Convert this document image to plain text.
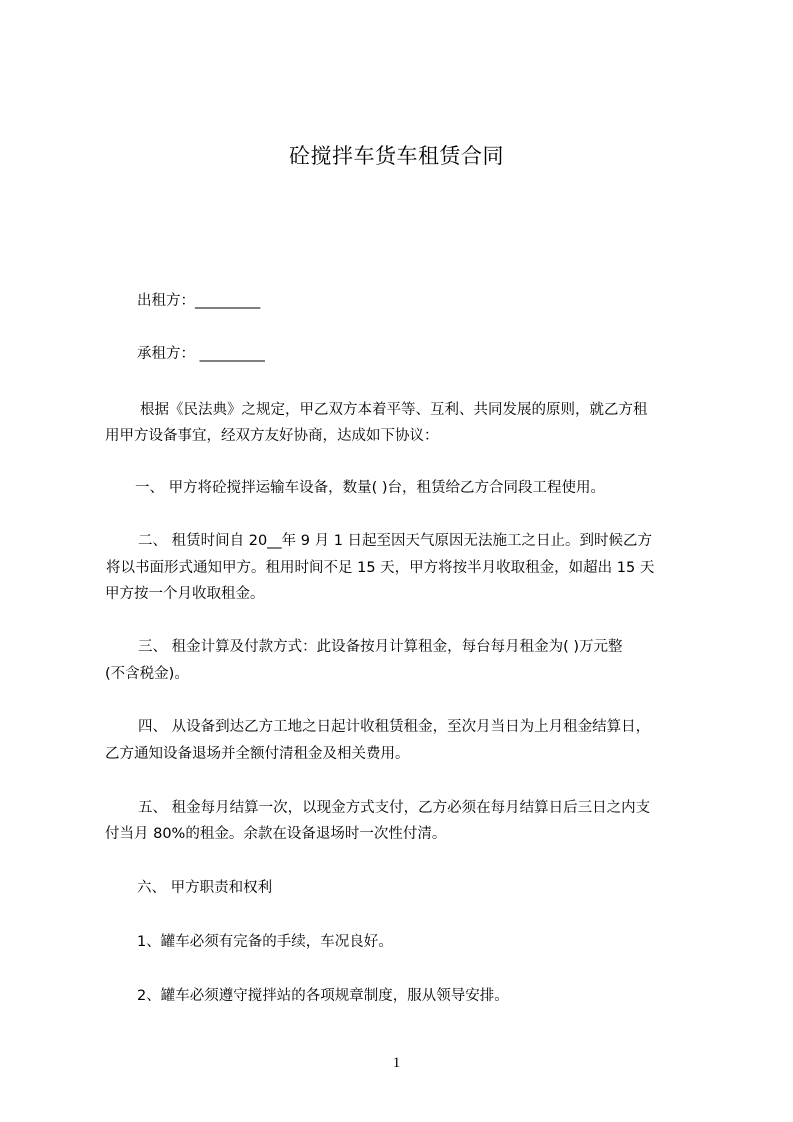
砼搅拌车货车租赁合同

出租方：_________

承租方： _________

根据《民法典》之规定，甲乙双方本着平等、互利、共同发展的原则，就乙方租

用甲方设备事宜，经双方友好协商，达成如下协议：

一、 甲方将砼搅拌运输车设备，数量( )台，租赁给乙方合同段工程使用。

二、 租赁时间自 20__年 9 月 1 日起至因天气原因无法施工之日止。到时候乙方

将以书面形式通知甲方。租用时间不足 15 天，甲方将按半月收取租金，如超出 15 天

甲方按一个月收取租金。

三、 租金计算及付款方式：此设备按月计算租金，每台每月租金为( )万元整

(不含税金)。

四、 从设备到达乙方工地之日起计收租赁租金，至次月当日为上月租金结算日，

乙方通知设备退场并全额付清租金及相关费用。

五、 租金每月结算一次，以现金方式支付，乙方必须在每月结算日后三日之内支

付当月 80%的租金。余款在设备退场时一次性付清。

六、 甲方职责和权利

1、罐车必须有完备的手续，车况良好。

2、罐车必须遵守搅拌站的各项规章制度，服从领导安排。

1
